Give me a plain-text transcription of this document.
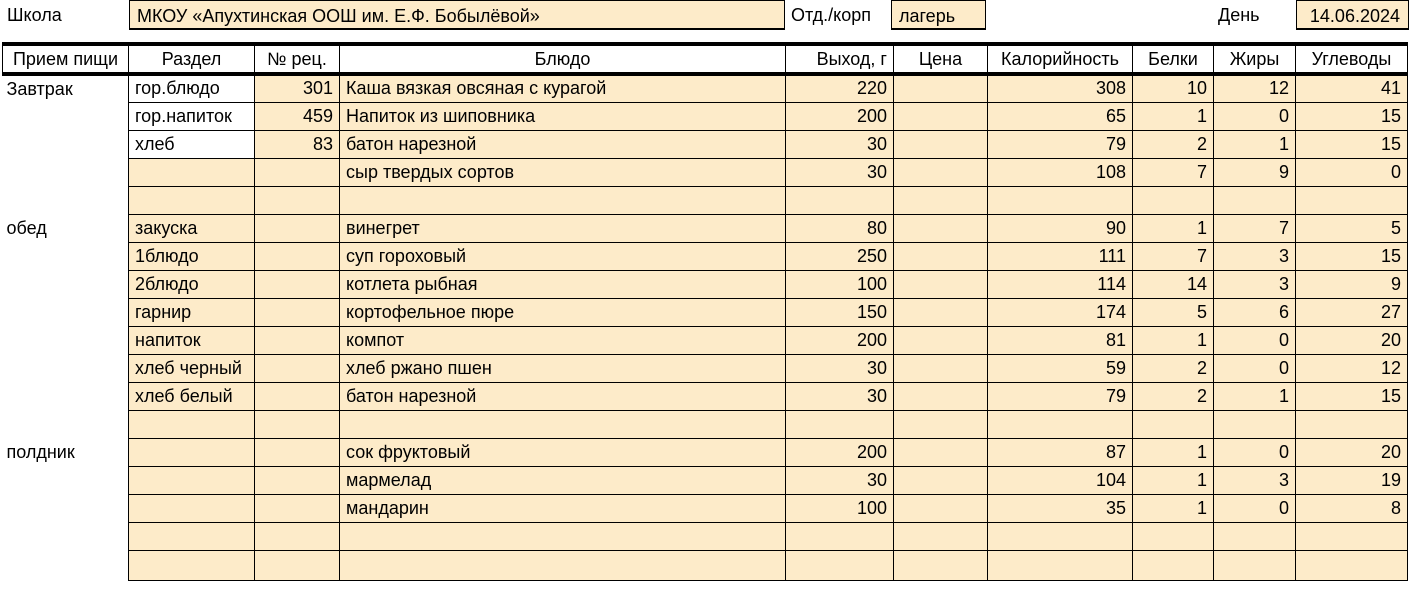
Школа	МКОУ «Апухтинская ООШ им. Е.Ф. Бобылёвой»	Отд./корп	лагерь	День	14.06.2024
Прием пищи	Раздел	№ рец.	Блюдо	Выход, г	Цена	Калорийность	Белки	Жиры	Углеводы
Завтрак	гор.блюдо	301	Каша вязкая овсяная с курагой	220		308	10	12	41
	гор.напиток	459	Напиток из шиповника	200		65	1	0	15
	хлеб	83	батон нарезной	30		79	2	1	15
			сыр твердых сортов	30		108	7	9	0

обед	закуска		винегрет	80		90	1	7	5
	1блюдо		суп гороховый	250		111	7	3	15
	2блюдо		котлета рыбная	100		114	14	3	9
	гарнир		кортофельное пюре	150		174	5	6	27
	напиток		компот	200		81	1	0	20
	хлеб черный		хлеб ржано пшен	30		59	2	0	12
	хлеб белый		батон нарезной	30		79	2	1	15

полдник			сок фруктовый	200		87	1	0	20
			мармелад	30		104	1	3	19
			мандарин	100		35	1	0	8
